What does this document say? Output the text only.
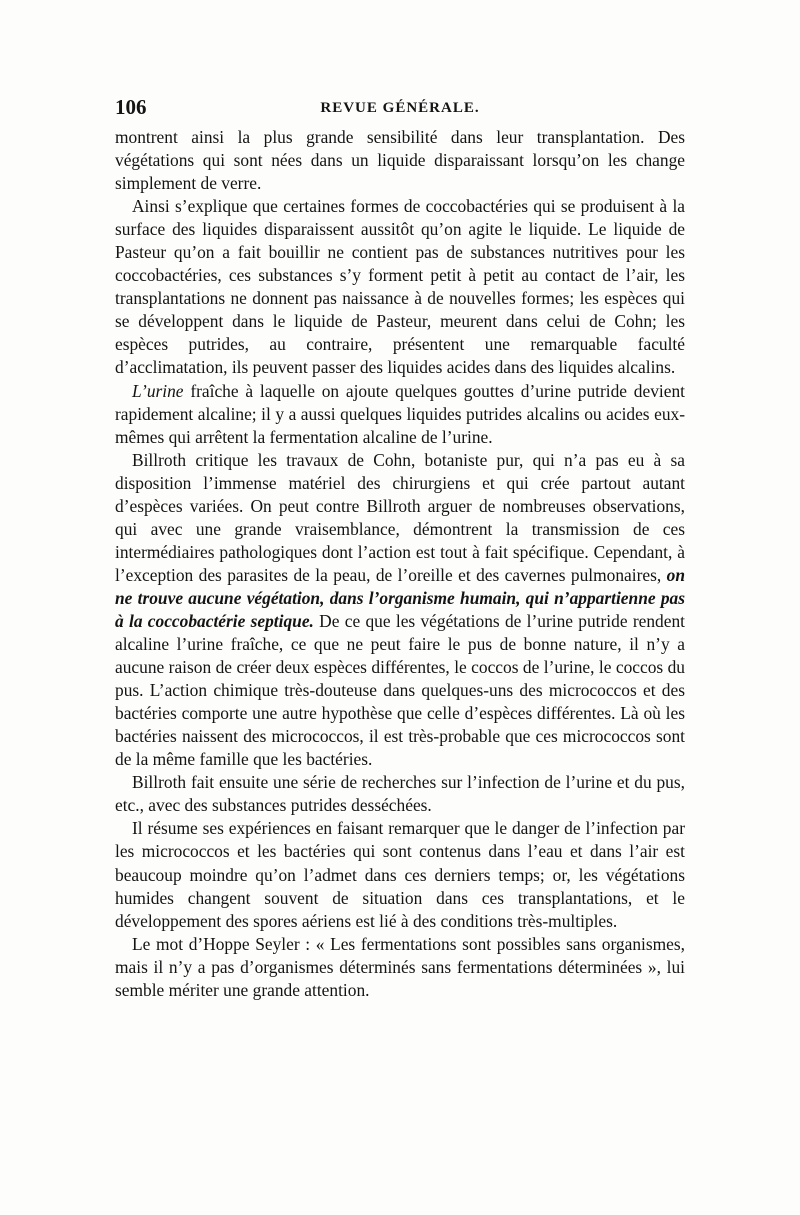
106	REVUE GÉNÉRALE.

montrent ainsi la plus grande sensibilité dans leur transplantation. Des végétations qui sont nées dans un liquide disparaissant lorsqu’on les change simplement de verre.

Ainsi s’explique que certaines formes de coccobactéries qui se produisent à la surface des liquides disparaissent aussitôt qu’on agite le liquide. Le liquide de Pasteur qu’on a fait bouillir ne contient pas de substances nutritives pour les coccobactéries, ces substances s’y forment petit à petit au contact de l’air, les transplantations ne donnent pas naissance à de nouvelles formes; les espèces qui se développent dans le liquide de Pasteur, meurent dans celui de Cohn; les espèces putrides, au contraire, présentent une remarquable faculté d’acclimatation, ils peuvent passer des liquides acides dans des liquides alcalins.

L’urine fraîche à laquelle on ajoute quelques gouttes d’urine putride devient rapidement alcaline; il y a aussi quelques liquides putrides alcalins ou acides eux-mêmes qui arrêtent la fermentation alcaline de l’urine.

Billroth critique les travaux de Cohn, botaniste pur, qui n’a pas eu à sa disposition l’immense matériel des chirurgiens et qui crée partout autant d’espèces variées. On peut contre Billroth arguer de nombreuses observations, qui avec une grande vraisemblance, démontrent la transmission de ces intermédiaires pathologiques dont l’action est tout à fait spécifique. Cependant, à l’exception des parasites de la peau, de l’oreille et des cavernes pulmonaires, on ne trouve aucune végétation, dans l’organisme humain, qui n’appartienne pas à la coccobactérie septique. De ce que les végétations de l’urine putride rendent alcaline l’urine fraîche, ce que ne peut faire le pus de bonne nature, il n’y a aucune raison de créer deux espèces différentes, le coccos de l’urine, le coccos du pus. L’action chimique très-douteuse dans quelques-uns des micrococcos et des bactéries comporte une autre hypothèse que celle d’espèces différentes. Là où les bactéries naissent des micrococcos, il est très-probable que ces micrococcos sont de la même famille que les bactéries.

Billroth fait ensuite une série de recherches sur l’infection de l’urine et du pus, etc., avec des substances putrides desséchées.

Il résume ses expériences en faisant remarquer que le danger de l’infection par les micrococcos et les bactéries qui sont contenus dans l’eau et dans l’air est beaucoup moindre qu’on l’admet dans ces derniers temps; or, les végétations humides changent souvent de situation dans ces transplantations, et le développement des spores aériens est lié à des conditions très-multiples.

Le mot d’Hoppe Seyler : « Les fermentations sont possibles sans organismes, mais il n’y a pas d’organismes déterminés sans fermentations déterminées », lui semble mériter une grande attention.
